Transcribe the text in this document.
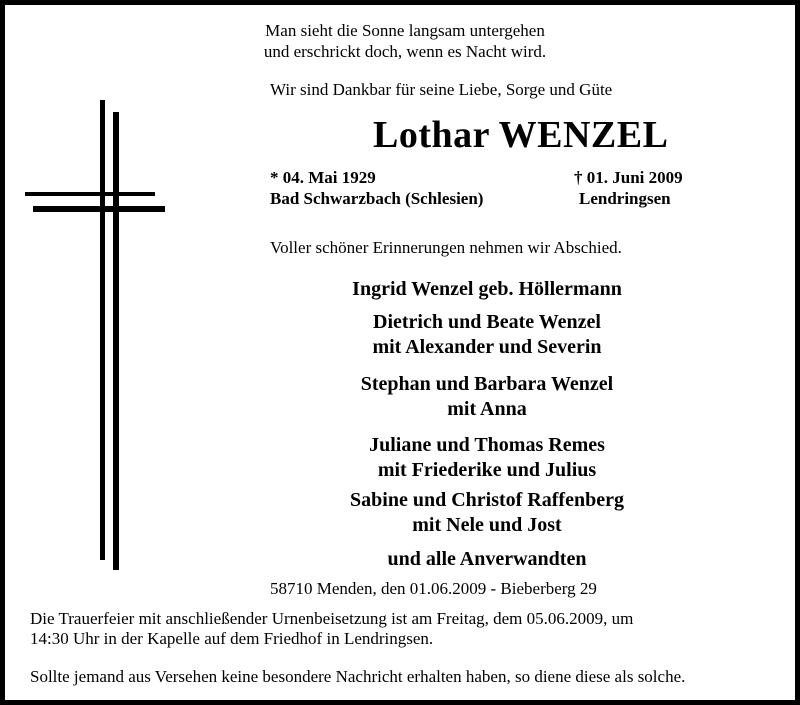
Man sieht die Sonne langsam untergehen
und erschrickt doch, wenn es Nacht wird.
Wir sind Dankbar für seine Liebe, Sorge und Güte
Lothar WENZEL
* 04. Mai 1929
Bad Schwarzbach (Schlesien)
† 01. Juni 2009
Lendringsen
Voller schöner Erinnerungen nehmen wir Abschied.
Ingrid Wenzel geb. Höllermann
Dietrich und Beate Wenzel
mit Alexander und Severin
Stephan und Barbara Wenzel
mit Anna
Juliane und Thomas Remes
mit Friederike und Julius
Sabine und Christof Raffenberg
mit Nele und Jost
und alle Anverwandten
58710 Menden, den 01.06.2009 - Bieberberg 29
Die Trauerfeier mit anschließender Urnenbeisetzung ist am Freitag, dem 05.06.2009, um
14:30 Uhr in der Kapelle auf dem Friedhof in Lendringsen.
Sollte jemand aus Versehen keine besondere Nachricht erhalten haben, so diene diese als solche.
